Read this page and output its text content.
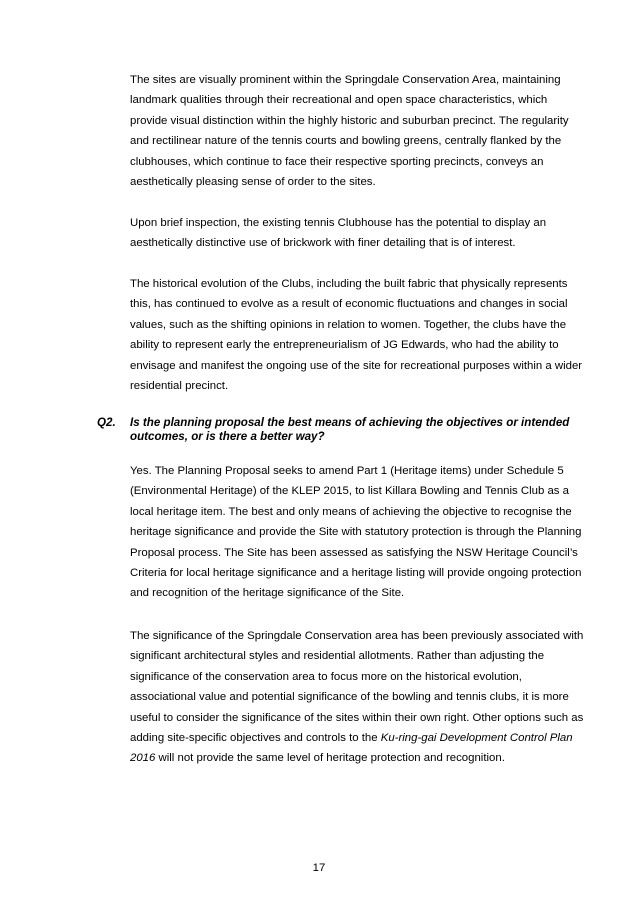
The sites are visually prominent within the Springdale Conservation Area, maintaining landmark qualities through their recreational and open space characteristics, which provide visual distinction within the highly historic and suburban precinct. The regularity and rectilinear nature of the tennis courts and bowling greens, centrally flanked by the clubhouses, which continue to face their respective sporting precincts, conveys an aesthetically pleasing sense of order to the sites.

Upon brief inspection, the existing tennis Clubhouse has the potential to display an aesthetically distinctive use of brickwork with finer detailing that is of interest.

The historical evolution of the Clubs, including the built fabric that physically represents this, has continued to evolve as a result of economic fluctuations and changes in social values, such as the shifting opinions in relation to women. Together, the clubs have the ability to represent early the entrepreneurialism of JG Edwards, who had the ability to envisage and manifest the ongoing use of the site for recreational purposes within a wider residential precinct.

Q2. Is the planning proposal the best means of achieving the objectives or intended outcomes, or is there a better way?

Yes. The Planning Proposal seeks to amend Part 1 (Heritage items) under Schedule 5 (Environmental Heritage) of the KLEP 2015, to list Killara Bowling and Tennis Club as a local heritage item. The best and only means of achieving the objective to recognise the heritage significance and provide the Site with statutory protection is through the Planning Proposal process. The Site has been assessed as satisfying the NSW Heritage Council’s Criteria for local heritage significance and a heritage listing will provide ongoing protection and recognition of the heritage significance of the Site.

The significance of the Springdale Conservation area has been previously associated with significant architectural styles and residential allotments. Rather than adjusting the significance of the conservation area to focus more on the historical evolution, associational value and potential significance of the bowling and tennis clubs, it is more useful to consider the significance of the sites within their own right. Other options such as adding site-specific objectives and controls to the Ku-ring-gai Development Control Plan 2016 will not provide the same level of heritage protection and recognition.

17
